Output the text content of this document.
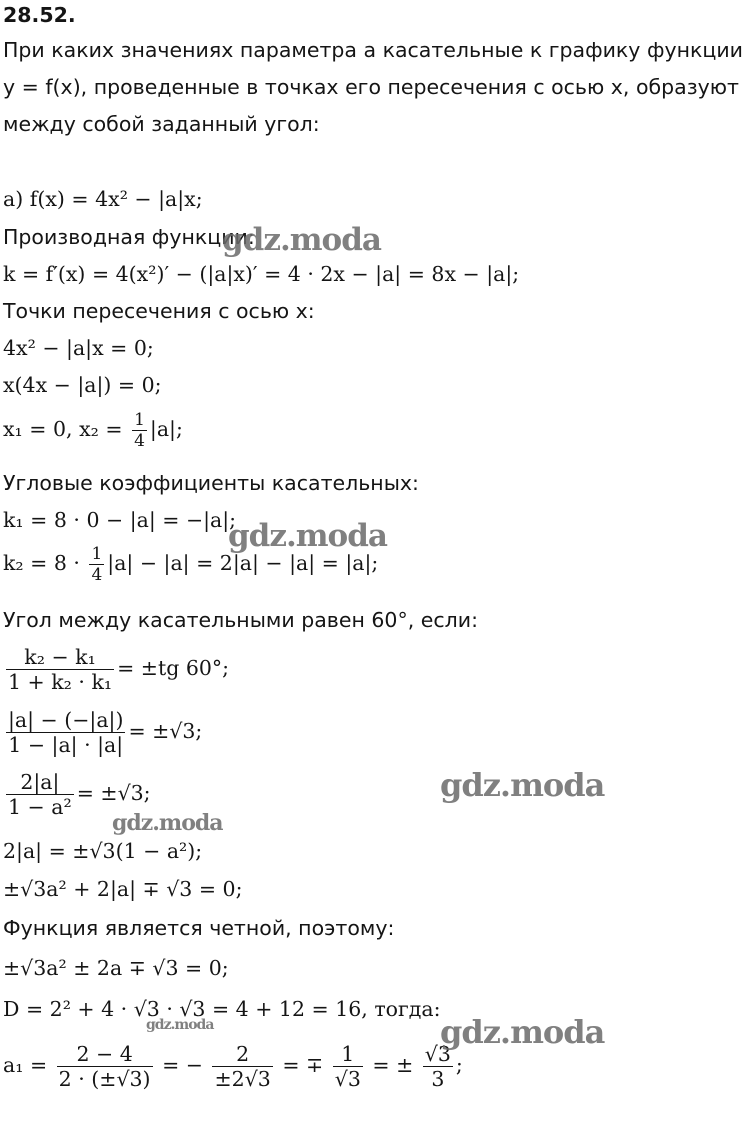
28.52.
При каких значениях параметра a касательные к графику функции
y = f(x), проведенные в точках его пересечения с осью x, образуют
между собой заданный угол:
а) f(x) = 4x² − |a|x;
Производная функции:
k = f′(x) = 4(x²)′ − (|a|x)′ = 4 · 2x − |a| = 8x − |a|;
Точки пересечения с осью x:
4x² − |a|x = 0;
x(4x − |a|) = 0;
x₁ = 0, $x_2 = \frac{1}{4} |a|$;
Угловые коэффициенты касательных:
k₁ = 8 · 0 − |a| = −|a|;
$k_2 = 8 \cdot \frac{1}{4} |a| - |a| = 2|a| - |a| = |a|$;
Угол между касательными равен 60°, если:
$\frac{\text{k₂ − k₁}}{\text{1 + k₂ · k₁}} = \pm tg$ 60°;
$\frac{|a| - (-|a|)}{1 - |a| \cdot |a|} = \pm√3$;
$\frac{2|a|}{\text{1 − a²}} = \pm√3$;
2|a| = ±√3(1 − a²);
±√3a² + 2|a| ∓ √3 = 0;
Функция является четной, поэтому:
±√3a² ± 2a ∓ √3 = 0;
D = 2² + 4 · √3 · √3 = 4 + 12 = 16, тогда:
$a_1 = \frac{2 - 4}{2 \cdot (\pm√3)}$ = − $\frac{2}{\pm 2√3}$ = ∓ $\frac{1}{√3}$ = ± $\frac{√3}{3}$ ;
gdz.moda
gdz.moda
gdz.moda
gdz.moda
gdz.moda
gdz.moda
